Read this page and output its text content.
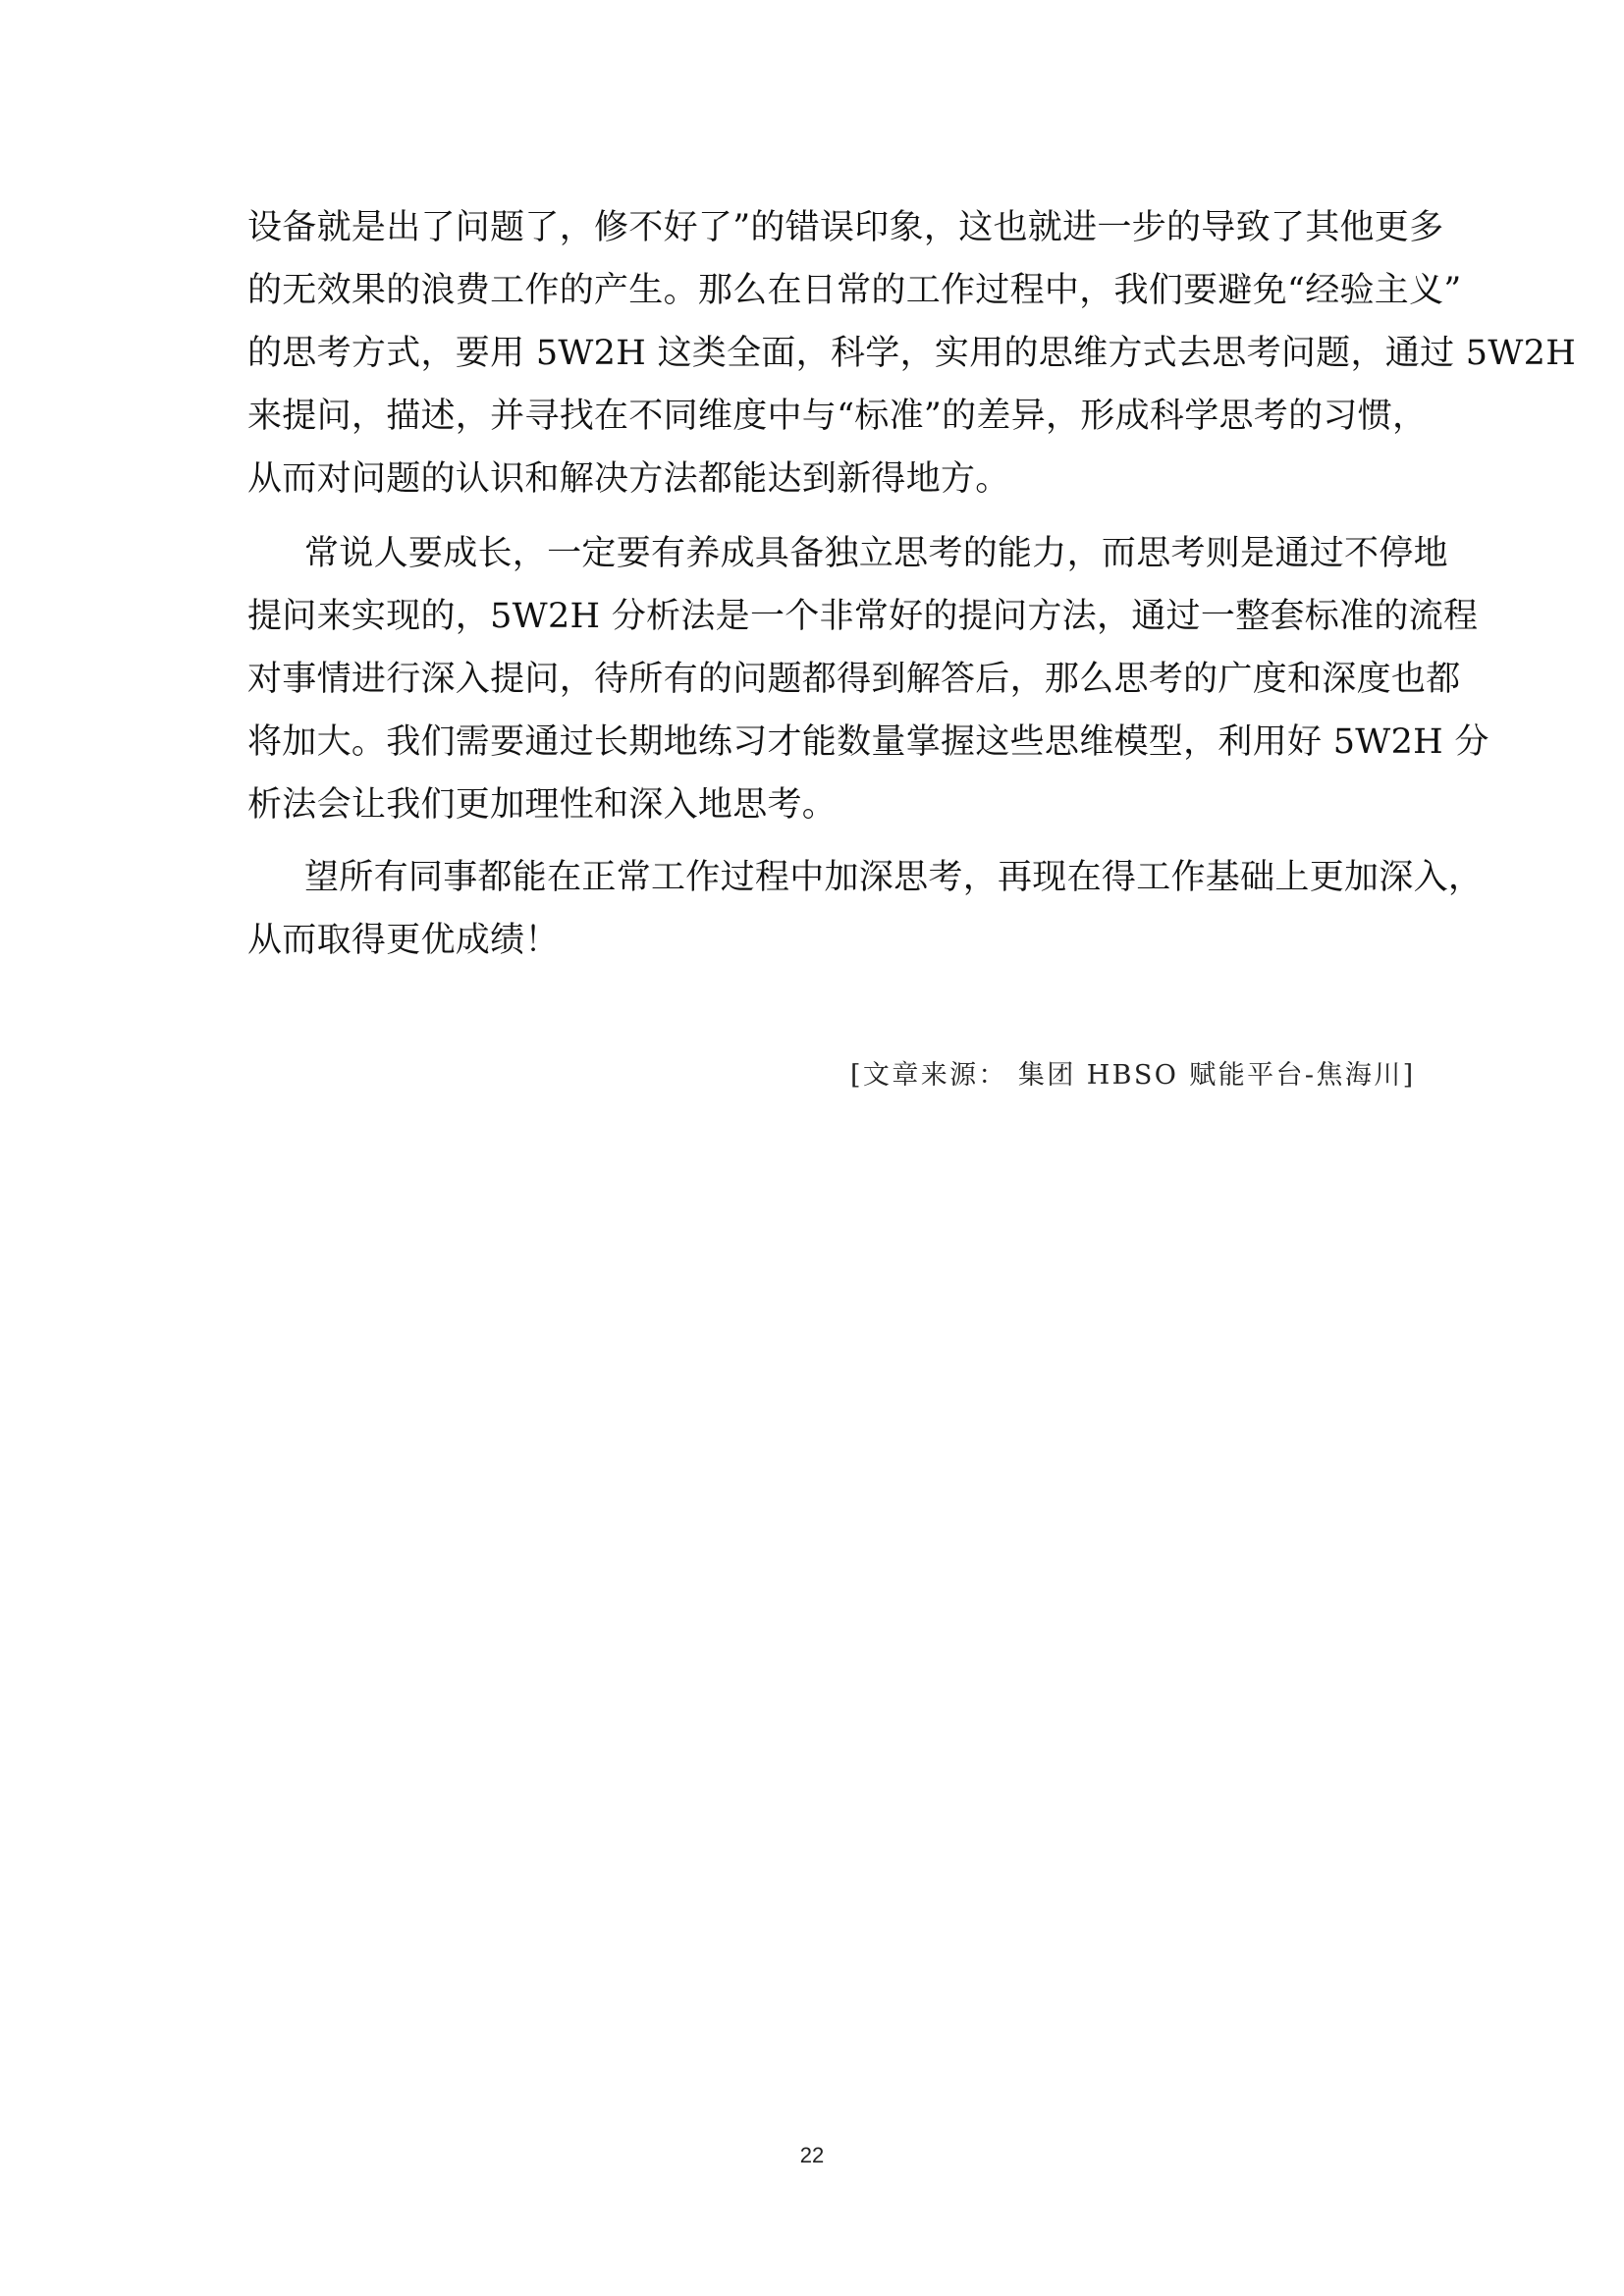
设备就是出了问题了，修不好了”的错误印象，这也就进一步的导致了其他更多
的无效果的浪费工作的产生。那么在日常的工作过程中，我们要避免“经验主义”
的思考方式，要用 5W2H 这类全面，科学，实用的思维方式去思考问题，通过 5W2H
来提问，描述，并寻找在不同维度中与“标准”的差异，形成科学思考的习惯，
从而对问题的认识和解决方法都能达到新得地方。
常说人要成长，一定要有养成具备独立思考的能力，而思考则是通过不停地
提问来实现的，5W2H 分析法是一个非常好的提问方法，通过一整套标准的流程
对事情进行深入提问，待所有的问题都得到解答后，那么思考的广度和深度也都
将加大。我们需要通过长期地练习才能数量掌握这些思维模型，利用好 5W2H 分
析法会让我们更加理性和深入地思考。
望所有同事都能在正常工作过程中加深思考，再现在得工作基础上更加深入，
从而取得更优成绩！
[文章来源： 集团 HBSO 赋能平台-焦海川]
22
